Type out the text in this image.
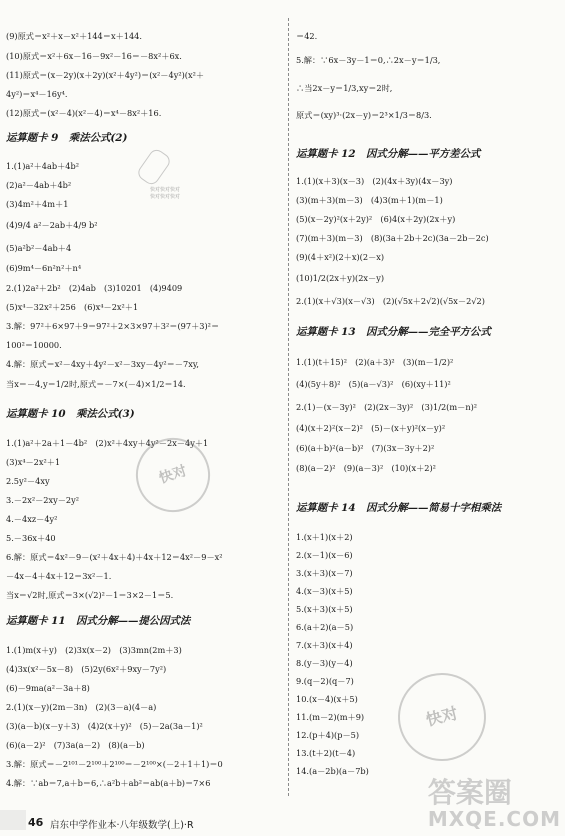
(9)原式＝x²＋x－x²＋144＝x＋144.
(10)原式＝x²＋6x－16－9x²－16＝－8x²＋6x.
(11)原式＝(x－2y)(x＋2y)(x²＋4y²)＝(x²－4y²)(x²＋
4y²)＝x⁴－16y⁴.
(12)原式＝(x²－4)(x²－4)＝x⁴－8x²＋16.
运算题卡 9　乘法公式(2)
1.(1)a²＋4ab＋4b²
(2)a²－4ab＋4b²
(3)4m²＋4m＋1
(4)9/4 a²－2ab＋4/9 b²
(5)a²b²－4ab＋4
(6)9m⁴－6n²n²＋n⁴
2.(1)2a²＋2b²　(2)4ab　(3)10201　(4)9409
(5)x⁴－32x²＋256　(6)x⁴－2x²＋1
3.解：97²＋6×97＋9＝97²＋2×3×97＋3²＝(97＋3)²＝
100²＝10000.
4.解：原式＝x²－4xy＋4y²－x²－3xy－4y²＝－7xy,
当x＝－4,y＝1/2时,原式＝－7×(－4)×1/2＝14.
运算题卡 10　乘法公式(3)
1.(1)a²＋2a＋1－4b²　(2)x²＋4xy＋4y²－2x－4y＋1
(3)x⁴－2x²＋1
2.5y²－4xy
3.－2x²－2xy－2y²
4.－4xz－4y²
5.－36x＋40
6.解：原式＝4x²－9－(x²＋4x＋4)＋4x＋12＝4x²－9－x²
－4x－4＋4x＋12＝3x²－1.
当x＝√2时,原式＝3×(√2)²－1＝3×2－1＝5.
运算题卡 11　因式分解——提公因式法
1.(1)m(x＋y)　(2)3x(x－2)　(3)3mn(2m＋3)
(4)3x(x²－5x－8)　(5)2y(6x²＋9xy－7y²)
(6)－9ma(a²－3a＋8)
2.(1)(x－y)(2m－3n)　(2)(3－a)(4－a)
(3)(a－b)(x－y＋3)　(4)2(x＋y)²　(5)－2a(3a－1)²
(6)(a－2)²　(7)3a(a－2)　(8)(a－b)
3.解：原式＝－2¹⁰¹－2¹⁰⁰＋2¹⁰⁰＝－2¹⁰⁰×(－2＋1＋1)＝0
4.解：∵ab＝7,a＋b＝6,∴a²b＋ab²＝ab(a＋b)＝7×6
＝42.
5.解：∵6x－3y－1＝0,∴2x－y＝1/3,
∴当2x－y＝1/3,xy＝2时,
原式＝(xy)³·(2x－y)＝2³×1/3＝8/3.
运算题卡 12　因式分解——平方差公式
1.(1)(x＋3)(x－3)　(2)(4x＋3y)(4x－3y)
(3)(m＋3)(m－3)　(4)3(m＋1)(m－1)
(5)(x－2y)²(x＋2y)²　(6)4(x＋2y)(2x＋y)
(7)(m＋3)(m－3)　(8)(3a＋2b＋2c)(3a－2b－2c)
(9)(4＋x²)(2＋x)(2－x)
(10)1/2(2x＋y)(2x－y)
2.(1)(x＋√3)(x－√3)　(2)(√5x＋2√2)(√5x－2√2)
运算题卡 13　因式分解——完全平方公式
1.(1)(t＋15)²　(2)(a＋3)²　(3)(m－1/2)²
(4)(5y＋8)²　(5)(a－√3)²　(6)(xy＋11)²
2.(1)－(x－3y)²　(2)(2x－3y)²　(3)1/2(m－n)²
(4)(x＋2)²(x－2)²　(5)－(x＋y)²(x－y)²
(6)(a＋b)²(a－b)²　(7)(3x－3y＋2)²
(8)(a－2)²　(9)(a－3)²　(10)(x＋2)²
运算题卡 14　因式分解——简易十字相乘法
1.(x＋1)(x＋2)
2.(x－1)(x－6)
3.(x＋3)(x－7)
4.(x－3)(x＋5)
5.(x＋3)(x＋5)
6.(a＋2)(a－5)
7.(x＋3)(x＋4)
8.(y－3)(y－4)
9.(q－2)(q－7)
10.(x－4)(x＋5)
11.(m－2)(m＋9)
12.(p＋4)(p－5)
13.(t＋2)(t－4)
14.(a－2b)(a－7b)
快对
快对
快对快对快对
快对快对快对
46 启东中学作业本·八年级数学(上)·R
答案圈
MXQE.COM
